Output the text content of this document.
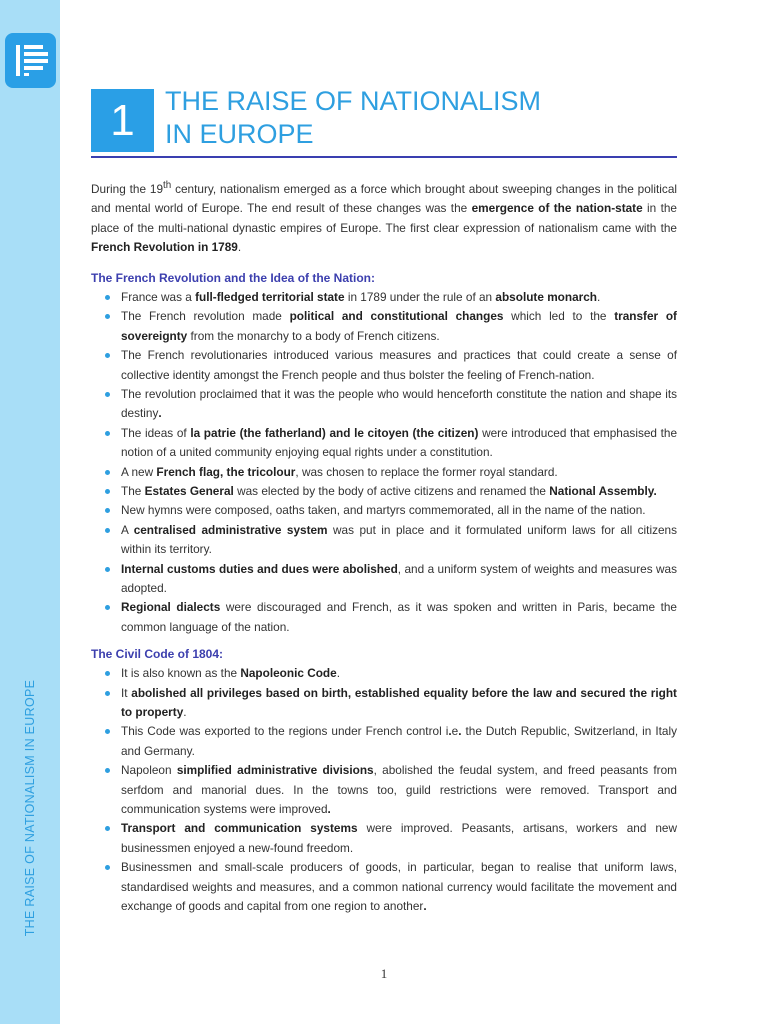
THE RAISE OF NATIONALISM IN EUROPE
1	THE RAISE OF NATIONALISM
IN EUROPE

During the 19th century, nationalism emerged as a force which brought about sweeping changes in the political and mental world of Europe. The end result of these changes was the emergence of the nation-state in the place of the multi-national dynastic empires of Europe. The first clear expression of nationalism came with the French Revolution in 1789.

The French Revolution and the Idea of the Nation:
France was a full-fledged territorial state in 1789 under the rule of an absolute monarch.
The French revolution made political and constitutional changes which led to the transfer of sovereignty from the monarchy to a body of French citizens.
The French revolutionaries introduced various measures and practices that could create a sense of collective identity amongst the French people and thus bolster the feeling of French-nation.
The revolution proclaimed that it was the people who would henceforth constitute the nation and shape its destiny.
The ideas of la patrie (the fatherland) and le citoyen (the citizen) were introduced that emphasised the notion of a united community enjoying equal rights under a constitution.
A new French flag, the tricolour, was chosen to replace the former royal standard.
The Estates General was elected by the body of active citizens and renamed the National Assembly.
New hymns were composed, oaths taken, and martyrs commemorated, all in the name of the nation.
A centralised administrative system was put in place and it formulated uniform laws for all citizens within its territory.
Internal customs duties and dues were abolished, and a uniform system of weights and measures was adopted.
Regional dialects were discouraged and French, as it was spoken and written in Paris, became the common language of the nation.
The Civil Code of 1804:
It is also known as the Napoleonic Code.
It abolished all privileges based on birth, established equality before the law and secured the right to property.
This Code was exported to the regions under French control i.e. the Dutch Republic, Switzerland, in Italy and Germany.
Napoleon simplified administrative divisions, abolished the feudal system, and freed peasants from serfdom and manorial dues. In the towns too, guild restrictions were removed. Transport and communication systems were improved.
Transport and communication systems were improved. Peasants, artisans, workers and new businessmen enjoyed a new-found freedom.
Businessmen and small-scale producers of goods, in particular, began to realise that uniform laws, standardised weights and measures, and a common national currency would facilitate the movement and exchange of goods and capital from one region to another.
1
